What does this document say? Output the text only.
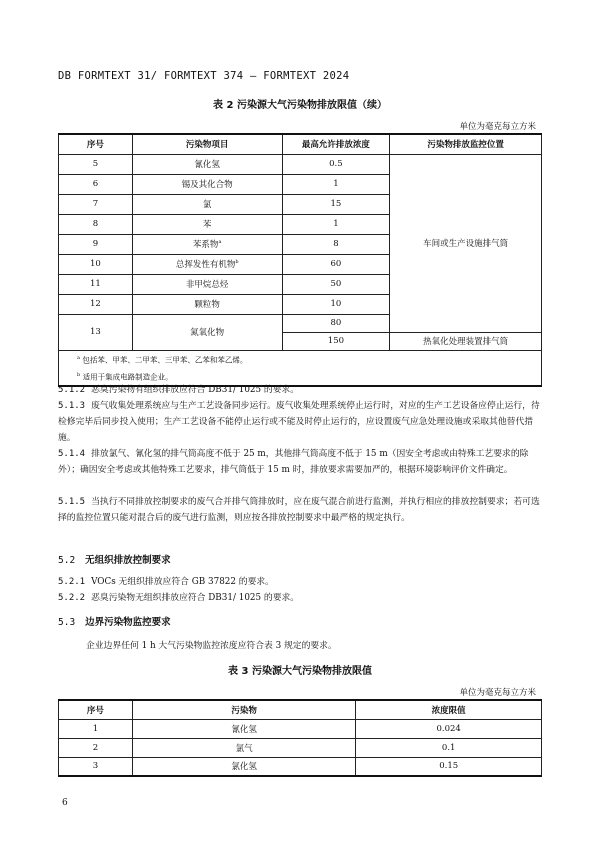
DB FORMTEXT 31/ FORMTEXT 374 — FORMTEXT 2024
表 2 污染源大气污染物排放限值（续）
单位为毫克每立方米
序号	污染物项目	最高允许排放浓度	污染物排放监控位置
5	氰化氢	0.5	车间或生产设施排气筒
6	锡及其化合物	1	
7	氯	15	
8	苯	1	
9	苯系物$^a$	8	
10	总挥发性有机物$^b$	60	
11	非甲烷总烃	50	
12	颗粒物	10	
13	氮氧化物	80	
		150	热氧化处理装置排气筒

$^a$ 包括苯、甲苯、二甲苯、三甲苯、乙苯和苯乙烯。
$^b$ 适用于集成电路制造企业。			
5.1.2 恶臭污染物有组织排放应符合 DB31/ 1025 的要求。
5.1.3 废气收集处理系统应与生产工艺设备同步运行。废气收集处理系统停止运行时，对应的生产工艺设备应停止运行，待检修完毕后同步投入使用；生产工艺设备不能停止运行或不能及时停止运行的，应设置废气应急处理设施或采取其他替代措施。
5.1.4 排放氯气、氰化氢的排气筒高度不低于 25 m，其他排气筒高度不低于 15 m（因安全考虑或由特殊工艺要求的除外）；确因安全考虑或其他特殊工艺要求，排气筒低于 15 m 时，排放要求需要加严的，根据环境影响评价文件确定。
5.1.5 当执行不同排放控制要求的废气合并排气筒排放时，应在废气混合前进行监测，并执行相应的排放控制要求；若可选择的监控位置只能对混合后的废气进行监测，则应按各排放控制要求中最严格的规定执行。
5.2 无组织排放控制要求
5.2.1 VOCs 无组织排放应符合 GB 37822 的要求。
5.2.2 恶臭污染物无组织排放应符合 DB31/ 1025 的要求。
5.3 边界污染物监控要求
企业边界任何 1 h 大气污染物监控浓度应符合表 3 规定的要求。
表 3 污染源大气污染物排放限值
单位为毫克每立方米
序号	污染物	浓度限值
1	氰化氢	0.024
2	氯气	0.1
3	氯化氢	0.15
6
